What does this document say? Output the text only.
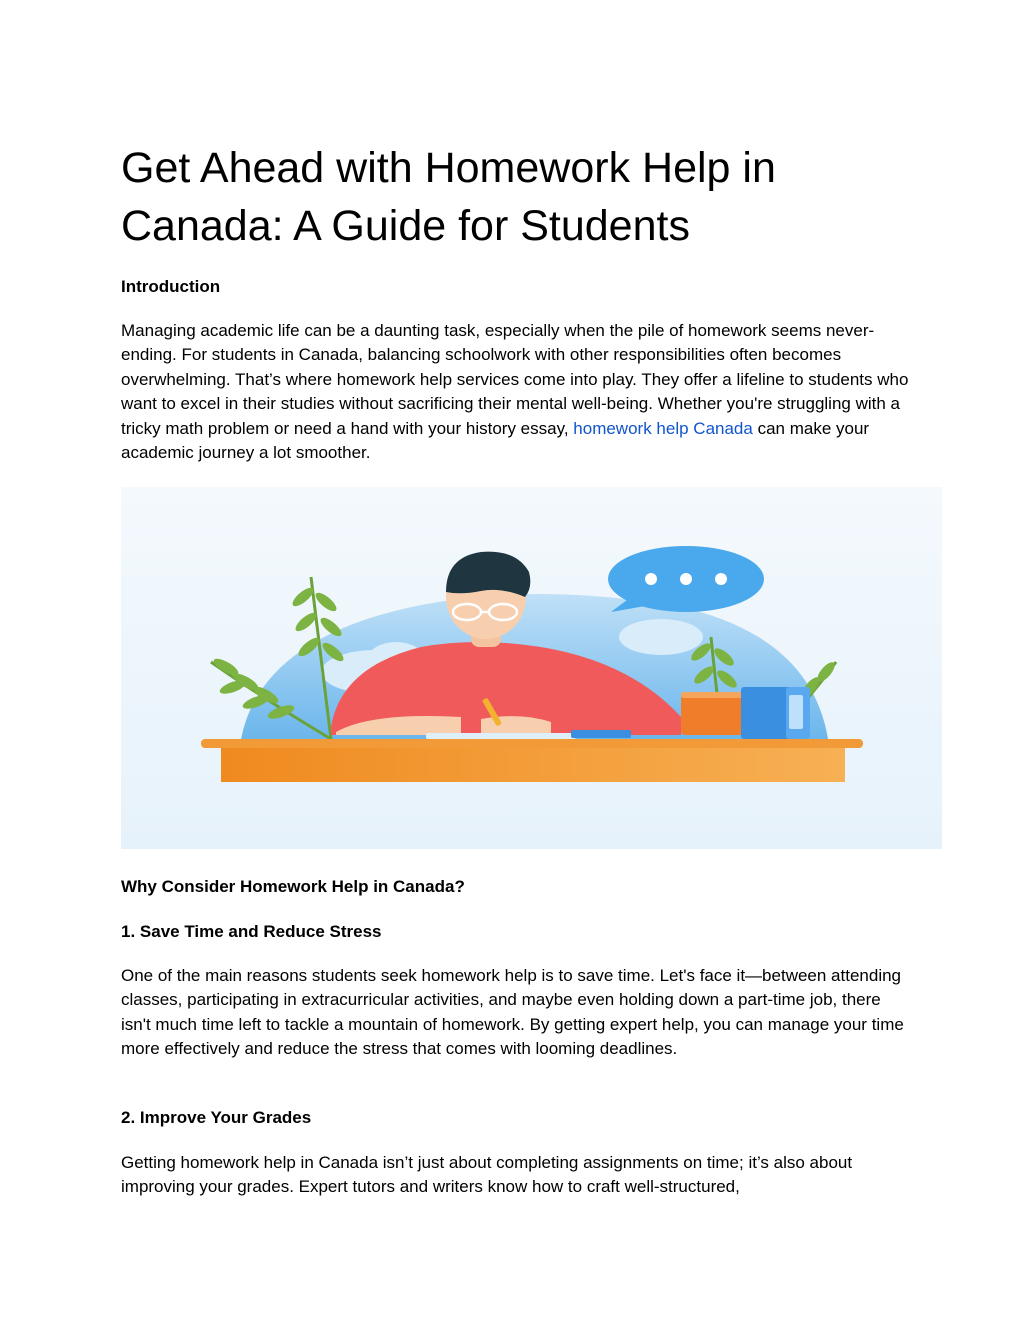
Get Ahead with Homework Help in Canada: A Guide for Students
Introduction

Managing academic life can be a daunting task, especially when the pile of homework seems never-ending. For students in Canada, balancing schoolwork with other responsibilities often becomes overwhelming. That’s where homework help services come into play. They offer a lifeline to students who want to excel in their studies without sacrificing their mental well-being. Whether you're struggling with a tricky math problem or need a hand with your history essay, homework help Canada can make your academic journey a lot smoother.

Why Consider Homework Help in Canada?
1. Save Time and Reduce Stress

One of the main reasons students seek homework help is to save time. Let's face it—between attending classes, participating in extracurricular activities, and maybe even holding down a part-time job, there isn't much time left to tackle a mountain of homework. By getting expert help, you can manage your time more effectively and reduce the stress that comes with looming deadlines.

2. Improve Your Grades

Getting homework help in Canada isn’t just about completing assignments on time; it’s also about improving your grades. Expert tutors and writers know how to craft well-structured,
